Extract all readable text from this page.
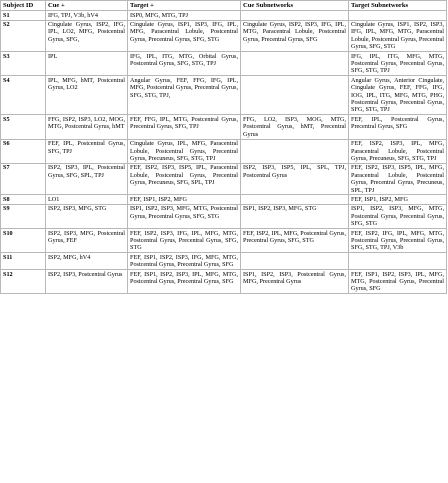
Subject ID	Cue +	Target +	Cue Subnetworks	Target Subnetworks
S1	IFG, TPJ, V3b, hV4	ISP0, MFG, MTG, TPJ		
S2	Cingulate Gyrus, ISP2, IFG, IPL, LO2, MFG, Postcentral Gyrus, SFG,	Cingulate Gyrus, ISP1, ISP3, IFG, IPL, MFG, Paracentral Lobule, Postcentral Gyrus, Precentral Gyrus, SFG, STG	Cingulate Gyrus, ISP2, ISP3, IFG, IPL, MTG, Paracentral Lobule, Postcentral Gyrus, Precentral Gyrus, SFG	Cingulate Gyrus, ISP1, ISP2, ISP3, IFG, IPL, MFG, MTG, Paracentral Lobule, Postcentral Gyrus, Precentral Gyrus, SFG, STG
S3	IPL	IFG, IPL, ITG, MTG, Orbital Gyrus, Postcentral Gyrus, SFG, STG, TPJ		IFG, IPL, ITG, MFG, MTG, Postcentral Gyrus, Precentral Gyrus, SFG, STG, TPJ
S4	IPL, MFG, hMT, Postcentral Gyrus, LO2	Angular Gyrus, FEF, FFG, IFG, IPL, MFG, Postcentral Gyrus, Precentral Gyrus, SFG, STG, TPJ,		Angular Gyrus, Anterior Cingulate, Cingulate Gyrus, FEF, FFG, IFG, IOG, IPL, ITG, MFG, MTG, PHG, Postcentral Gyrus, Precentral Gyrus, SFG, STG, TPJ
S5	FFG, ISP2, ISP3, LO2, MOG, MTG, Postcentral Gyrus, hMT	FEF, FFG, IPL, MTG, Postcentral Gyrus, Precentral Gyrus, SFG, TPJ	FFG, LO2, ISP3, MOG, MTG, Postcentral Gyrus, hMT, Precentral Gyrus	FEF, IPL, Postcentral Gyrus, Precentral Gyrus, SFG
S6	FEF, IPL, Postcentral Gyrus, SFG, TPJ	Cingulate Gyrus, IPL, MFG, Paracentral Lobule, Postcentral Gyrus, Precentral Gyrus, Precuneus, SFG, STG, TPJ		FEF, ISP2, ISP3, IPL, MFG, Paracentral Lobule, Postcentral Gyrus, Precuneus, SFG, STG, TPJ
S7	ISP2, ISP3, IPL, Postcentral Gyrus, SFG, SPL, TPJ	FEF, ISP2, ISP3, ISP5, IPL, Paracentral Lobule, Postcentral Gyrus, Precentral Gyrus, Precuneus, SFG, SPL, TPJ	ISP2, ISP3, ISP5, IPL, SPL, TPJ, Postcentral Gyrus	FEF, ISP2, ISP3, ISP5, IPL, MFG, Paracentral Lobule, Postcentral Gyrus, Precentral Gyrus, Precuneus, SPL, TPJ
S8	LO1	FEF, ISP1, ISP2, MFG		FEF, ISP1, ISP2, MFG
S9	ISP2, ISP3, MFG, STG	ISP1, ISP2, ISP3, MFG, MTG, Postcentral Gyrus, Precentral Gyrus, SFG, STG	ISP1, ISP2, ISP3, MFG, STG	ISP1, ISP2, ISP3, MFG, MTG, Postcentral Gyrus, Precentral Gyrus, SFG, STG
S10	ISP2, ISP3, MFG, Postcentral Gyrus, FEF	FEF, ISP2, ISP3, IFG, IPL, MFG, MTG, Postcentral Gyrus, Precentral Gyrus, SFG, STG	FEF, ISP2, IPL, MFG, Postcentral Gyrus, Precentral Gyrus, SFG, STG	FEF, ISP2, IFG, IPL, MFG, MTG, Postcentral Gyrus, Precentral Gyrus, SFG, STG, TPJ, V3b
S11	ISP2, MFG, hV4	FEF, ISP1, ISP2, ISP3, IFG, MFG, MTG, Postcentral Gyrus, Precentral Gyrus, SFG		
S12	ISP2, ISP3, Postcentral Gyrus	FEF, ISP1, ISP2, ISP3, IPL, MFG, MTG, Postcentral Gyrus, Precentral Gyrus, SFG	ISP1, ISP2, ISP3, Postcentral Gyrus, MFG, Precentral Gyrus	FEF, ISP1, ISP2, ISP3, IPL, MFG, MTG, Postcentral Gyrus, Precentral Gyrus, SFG
